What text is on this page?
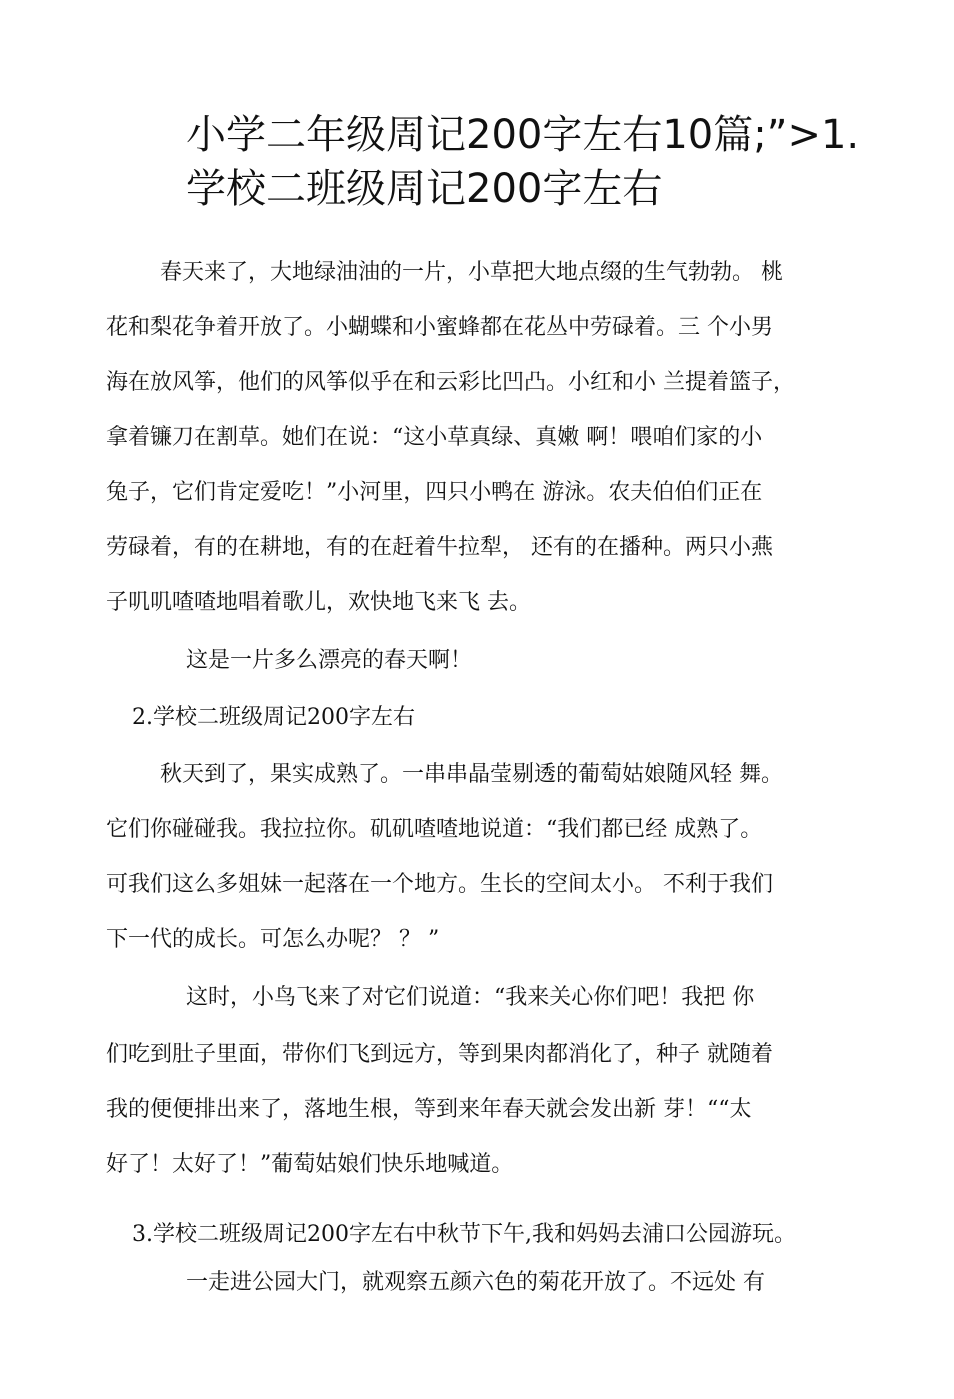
小学二年级周记200字左右10篇;”>1.
学校二班级周记200字左右
春天来了，大地绿油油的一片，小草把大地点缀的生气勃勃。 桃
花和梨花争着开放了。小蝴蝶和小蜜蜂都在花丛中劳碌着。三 个小男
海在放风筝，他们的风筝似乎在和云彩比凹凸。小红和小 兰提着篮子，
拿着镰刀在割草。她们在说：“这小草真绿、真嫩 啊！喂咱们家的小
兔子，它们肯定爱吃！”小河里，四只小鸭在 游泳。农夫伯伯们正在
劳碌着，有的在耕地，有的在赶着牛拉犁， 还有的在播种。两只小燕
子叽叽喳喳地唱着歌儿，欢快地飞来飞 去。
这是一片多么漂亮的春天啊！
2.学校二班级周记200字左右
秋天到了，果实成熟了。一串串晶莹剔透的葡萄姑娘随风轻 舞。
它们你碰碰我。我拉拉你。矶矶喳喳地说道：“我们都已经 成熟了。
可我们这么多姐妹一起落在一个地方。生长的空间太小。 不利于我们
下一代的成长。可怎么办呢？ ？ ”
这时，小鸟飞来了对它们说道：“我来关心你们吧！我把 你
们吃到肚子里面，带你们飞到远方，等到果肉都消化了，种子 就随着
我的便便排出来了，落地生根，等到来年春天就会发出新 芽！““太
好了！太好了！”葡萄姑娘们快乐地喊道。
3.学校二班级周记200字左右中秋节下午,我和妈妈去浦口公园游玩。
一走进公园大门，就观察五颜六色的菊花开放了。不远处 有
